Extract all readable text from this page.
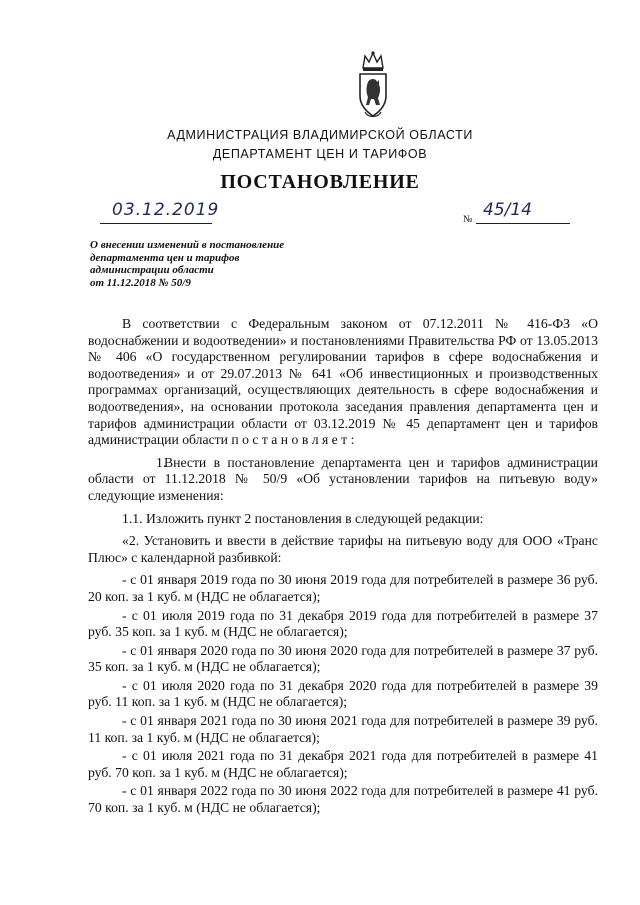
АДМИНИСТРАЦИЯ ВЛАДИМИРСКОЙ ОБЛАСТИ
ДЕПАРТАМЕНТ ЦЕН И ТАРИФОВ
ПОСТАНОВЛЕНИЕ
03.12.2019	№ 45/14
О внесении изменений в постановление
департамента цен и тарифов
администрации области
от 11.12.2018 № 50/9

В соответствии с Федеральным законом от 07.12.2011 № 416-ФЗ «О водоснабжении и водоотведении» и постановлениями Правительства РФ от 13.05.2013 № 406 «О государственном регулировании тарифов в сфере водоснабжения и водоотведения» и от 29.07.2013 № 641 «Об инвестиционных и производственных программах организаций, осуществляющих деятельность в сфере водоснабжения и водоотведения», на основании протокола заседания правления департамента цен и тарифов администрации области от 03.12.2019 № 45 департамент цен и тарифов администрации области п о с т а н о в л я е т :

1.Внести в постановление департамента цен и тарифов администрации области от 11.12.2018 № 50/9 «Об установлении тарифов на питьевую воду» следующие изменения:

1.1. Изложить пункт 2 постановления в следующей редакции:

«2. Установить и ввести в действие тарифы на питьевую воду для ООО «Транс Плюс» с календарной разбивкой:

- с 01 января 2019 года по 30 июня 2019 года для потребителей в размере 36 руб. 20 коп. за 1 куб. м (НДС не облагается);

- с 01 июля 2019 года по 31 декабря 2019 года для потребителей в размере 37 руб. 35 коп. за 1 куб. м (НДС не облагается);

- с 01 января 2020 года по 30 июня 2020 года для потребителей в размере 37 руб. 35 коп. за 1 куб. м (НДС не облагается);

- с 01 июля 2020 года по 31 декабря 2020 года для потребителей в размере 39 руб. 11 коп. за 1 куб. м (НДС не облагается);

- с 01 января 2021 года по 30 июня 2021 года для потребителей в размере 39 руб. 11 коп. за 1 куб. м (НДС не облагается);

- с 01 июля 2021 года по 31 декабря 2021 года для потребителей в размере 41 руб. 70 коп. за 1 куб. м (НДС не облагается);

- с 01 января 2022 года по 30 июня 2022 года для потребителей в размере 41 руб. 70 коп. за 1 куб. м (НДС не облагается);
